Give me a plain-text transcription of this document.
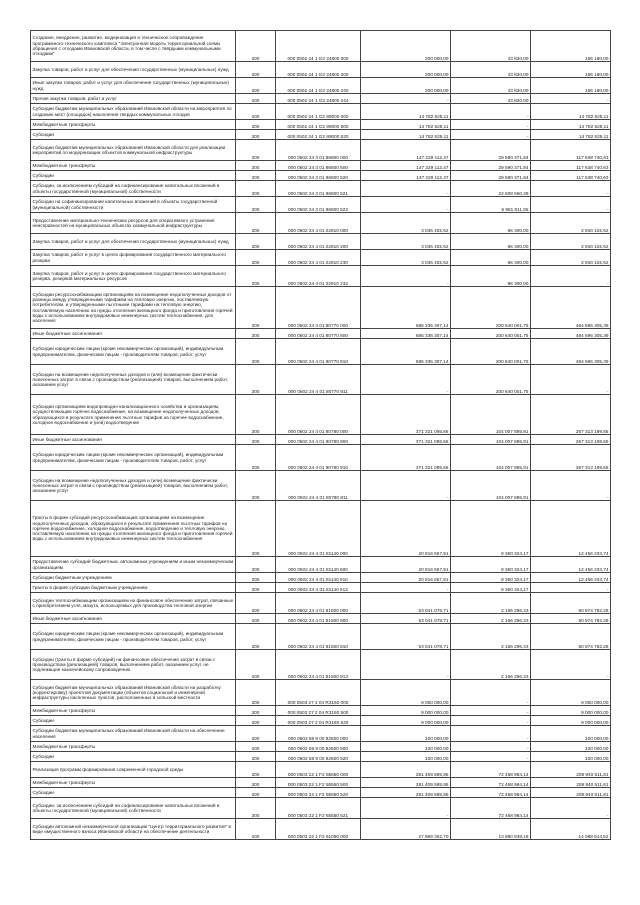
Создание, внедрение, развитие, модернизация и техническое сопровождение программного-технического комплекса "Электронная модель территориальной схемы обращения с отходами Ивановской области, в том числе с твёрдыми коммунальными отходами"	200	000 0502 24 1 G2 24800 000	200 000,00	43 820,00	156 180,00
Закупка товаров, работ и услуг для обеспечения государственных (муниципальных) нужд	200	000 0502 24 1 G2 24800 200	200 000,00	43 820,00	156 180,00
Иные закупки товаров, работ и услуг для обеспечения государственных (муниципальных) нужд	200	000 0502 24 1 G2 24800 240	200 000,00	43 820,00	156 180,00
Прочая закупка товаров, работ и услуг	200	000 0502 24 1 G2 24800 244	-	43 820,00	-
Субсидии бюджетам муниципальных образований Ивановской области на мероприятия по созданию мест (площадок) накопления твердых коммунальных отходов	200	000 0502 24 1 G2 89000 000	14 782 525,11	-	14 782 525,11
Межбюджетные трансферты	200	000 0502 24 1 G2 89000 500	14 782 525,11	-	14 782 525,11
Субсидии	200	000 0502 24 1 G2 89000 520	14 782 525,11	-	14 782 525,11
Субсидии бюджетам муниципальных образований Ивановской области для реализации мероприятий по модернизации объектов коммунальной инфраструктуры	200	000 0502 24 3 01 86800 000	147 229 112,47	29 590 371,84	117 638 740,63
Межбюджетные трансферты	200	000 0502 24 3 01 86800 500	147 229 112,47	29 590 371,84	117 638 740,63
Субсидии	200	000 0502 24 3 01 86800 520	147 229 112,47	29 590 371,84	117 638 740,63
Субсидии, за исключением субсидий на софинансирование капитальных вложений в объекты государственной (муниципальной) собственности	200	000 0502 24 3 01 86800 521	-	22 608 560,29	-
Субсидии на софинансирование капитальных вложений в объекты государственной (муниципальной) собственности	200	000 0502 24 3 01 86800 522	-	6 981 811,55	-
Предоставление материально-технических ресурсов для оперативного устранения неисправностей на муниципальных объектах коммунальной инфраструктуры	200	000 0502 24 4 01 22910 000	3 036 402,62	96 300,00	2 940 102,62
Закупка товаров, работ и услуг для обеспечения государственных (муниципальных) нужд	200	000 0502 24 4 01 22910 200	3 036 402,62	96 300,00	2 940 102,62
Закупка товаров, работ и услуг в целях формирования государственного материального резерва	200	000 0502 24 4 01 22910 230	3 036 402,62	96 300,00	2 940 102,62
Закупка товаров, работ и услуг в целях формирования государственного материального резерва, резервов материальных ресурсов	200	000 0502 24 4 01 22910 232	-	96 300,00	-
Субсидии ресурсоснабжающим организациям на возмещение недополученных доходов от разницы между утвержденными тарифами на тепловую энергию, поставляемую потребителям, и утвержденными льготными тарифами на тепловую энергию, поставляемую населению на нужды отопления жилищного фонда и приготовления горячей воды с использованием внутридомовых инженерных систем теплоснабжения, для населения	200	000 0502 24 4 01 80770 000	685 336 307,14	200 640 001,75	484 696 305,39
Иные бюджетные ассигнования	200	000 0502 24 4 01 80770 800	685 336 307,14	200 640 001,75	484 696 305,39
Субсидии юридическим лицам (кроме некоммерческих организаций), индивидуальным предпринимателям, физическим лицам - производителям товаров, работ, услуг	200	000 0502 24 4 01 80770 810	685 336 307,14	200 640 001,75	484 696 305,39
Субсидии на возмещение недополученных доходов и (или) возмещение фактически понесенных затрат в связи с производством (реализацией) товаров, выполнением работ, оказанием услуг	200	000 0502 24 4 01 80770 811	-	200 640 001,75	-
Субсидии организациям водопроводно-канализационного хозяйства и организациям, осуществляющим горячее водоснабжение, на возмещение недополученных доходов, образующихся в результате применения льготных тарифов на горячее водоснабжение, холодное водоснабжение и (или) водоотведение	200	000 0502 24 4 01 80780 000	371 321 095,66	104 007 895,91	267 313 199,65
Иные бюджетные ассигнования	200	000 0502 24 4 01 80780 800	371 321 095,66	104 007 895,91	267 313 199,65
Субсидии юридическим лицам (кроме некоммерческих организаций), индивидуальным предпринимателям, физическим лицам - производителям товаров, работ, услуг	200	000 0502 24 4 01 80780 810	371 321 095,66	104 007 895,91	267 313 199,65
Субсидии на возмещение недополученных доходов и (или) возмещение фактически понесенных затрат в связи с производством (реализацией) товаров, выполнением работ, оказанием услуг	200	000 0502 24 4 01 80780 811	-	104 007 895,91	-
Гранты в форме субсидий ресурсоснабжающим организациям на возмещение недополученных доходов, образующихся в результате применения льготных тарифов на горячее водоснабжение, холодное водоснабжение, водоотведение и тепловую энергию, поставляемую населению на нужды отопления жилищного фонда и приготовления горячей воды с использованием внутридомовых инженерных систем теплоснабжения	200	000 0502 24 4 01 81140 000	20 816 657,91	8 360 324,17	12 456 333,74
Предоставление субсидий бюджетным, автономным учреждениям и иным некоммерческим организациям	200	000 0502 24 4 01 81140 600	20 816 657,91	8 360 324,17	12 456 333,74
Субсидии бюджетным учреждениям	200	000 0502 24 4 01 81140 610	20 816 657,91	8 360 324,17	12 456 333,74
Гранты в форме субсидии бюджетным учреждениям	200	000 0502 24 4 01 81140 613	-	8 360 324,17	-
Субсидии теплоснабжающим организациям на финансовое обеспечение затрат, связанных с приобретением угля, мазута, используемых для производства тепловой энергии	200	000 0502 24 4 01 81600 000	53 041 078,71	2 166 296,43	50 874 782,28
Иные бюджетные ассигнования	200	000 0502 24 4 01 81600 800	53 041 078,71	2 166 296,43	50 874 782,28
Субсидии юридическим лицам (кроме некоммерческих организаций), индивидуальным предпринимателям, физическим лицам - производителям товаров, работ, услуг	200	000 0502 24 4 01 81600 810	53 041 078,71	2 166 296,43	50 874 782,28
Субсидии (гранты в форме субсидий) на финансовое обеспечение затрат в связи с производством (реализацией) товаров, выполнением работ, оказанием услуг, не подлежащие казначейскому сопровождению	200	000 0502 24 4 01 81600 813	-	2 166 296,43	-
Субсидии бюджетам муниципальных образований Ивановской области на разработку (корректировку) проектной документации (объектов социальной и инженерной инфраструктуры населенных пунктов, расположенных в сельской местности	200	000 0503 27 2 04 R3160 000	9 000 000,00	-	9 000 000,00
Межбюджетные трансферты	200	000 0503 27 2 04 R3160 500	9 000 000,00	-	9 000 000,00
Субсидии	200	000 0503 27 2 04 R3160 520	9 000 000,00	-	9 000 000,00
Субсидии бюджетам муниципальных образований Ивановской области на обеспечение населения	200	000 0502 58 9 00 82600 000	100 000,00	-	100 000,00
Межбюджетные трансферты	200	000 0502 58 9 00 82600 500	100 000,00	-	100 000,00
Субсидии	200	000 0502 58 9 00 82600 520	100 000,00	-	100 000,00
Реализация программ формирования современной городской среды	200	000 0503 22 1 F2 55550 000	281 409 595,95	72 468 984,14	208 940 611,81
Межбюджетные трансферты	200	000 0503 22 1 F2 55550 500	281 409 595,95	72 468 984,14	208 940 611,81
Субсидии	200	000 0503 22 1 F2 55550 520	281 409 595,95	72 468 984,14	208 940 611,81
Субсидии, за исключением субсидий на софинансирование капитальных вложений в объекты государственной (муниципальной) собственности	200	000 0503 22 1 F2 55550 521	-	72 468 984,14	-
Субсидии автономной некоммерческой организации "Центр территориального развития" в виде имущественного взноса Ивановской области на обеспечение деятельности	200	000 0503 22 1 F2 61090 000	27 969 352,70	13 880 838,18	14 088 514,52
